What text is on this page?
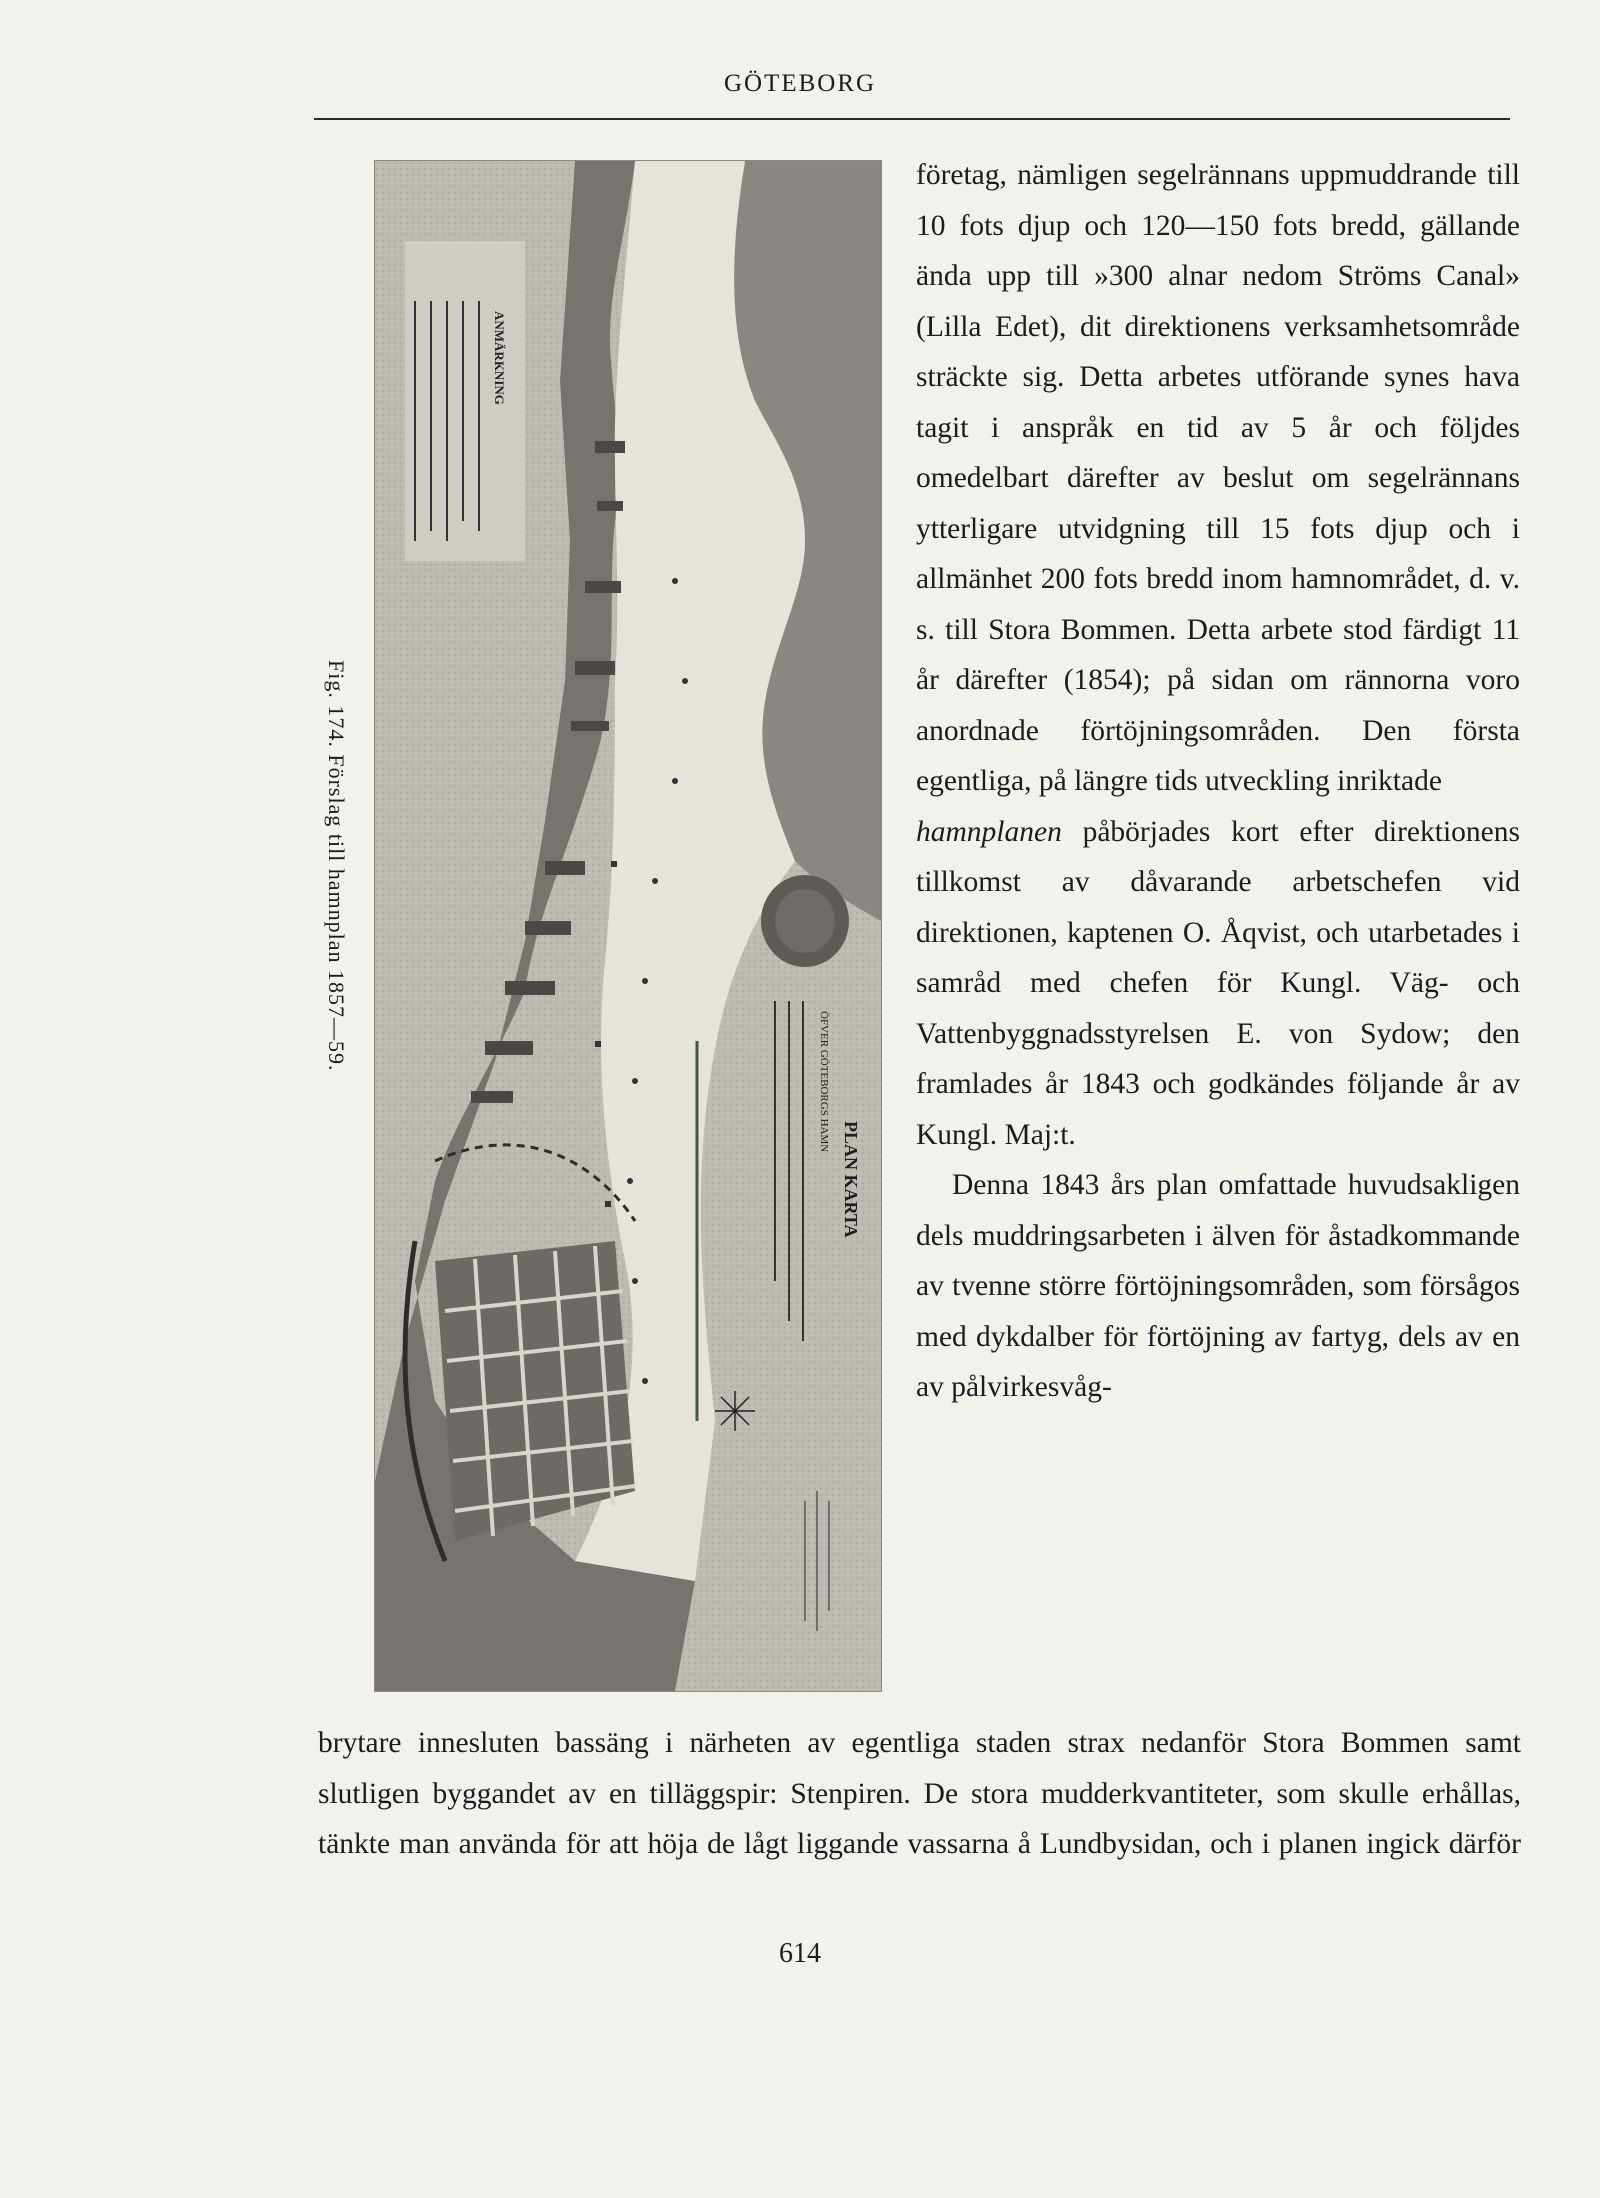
GÖTEBORG
ANMÄRKNING
PLAN KARTA
ÖFVER GÖTEBORGS HAMN
Fig. 174. Förslag till hamnplan 1857—59.

företag, nämligen segelrännans uppmuddrande till 10 fots djup och 120—150 fots bredd, gällande ända upp till »300 alnar nedom Ströms Canal» (Lilla Edet), dit direktionens verksamhetsområde sträckte sig. Detta arbetes utförande synes hava tagit i anspråk en tid av 5 år och följdes omedelbart därefter av beslut om segelrännans ytterligare utvidgning till 15 fots djup och i allmänhet 200 fots bredd inom hamnområdet, d. v. s. till Stora Bommen. Detta arbete stod färdigt 11 år därefter (1854); på sidan om rännorna voro anordnade förtöjningsområden. Den första egentliga, på längre tids utveckling inriktade

hamnplanen påbörjades kort efter direktionens tillkomst av dåvarande arbetschefen vid direktionen, kaptenen O. Åqvist, och utarbetades i samråd med chefen för Kungl. Väg- och Vattenbyggnadsstyrelsen E. von Sydow; den framlades år 1843 och godkändes följande år av Kungl. Maj:t.

Denna 1843 års plan omfattade huvudsakligen dels muddringsarbeten i älven för åstadkommande av tvenne större förtöjningsområden, som försågos med dykdalber för förtöjning av fartyg, dels av en av pålvirkesvåg-

brytare innesluten bassäng i närheten av egentliga staden strax nedanför Stora Bommen samt slutligen byggandet av en tilläggspir: Stenpiren. De stora mudderkvantiteter, som skulle erhållas, tänkte man använda för att höja de lågt liggande vassarna å Lundbysidan, och i planen ingick därför

614
